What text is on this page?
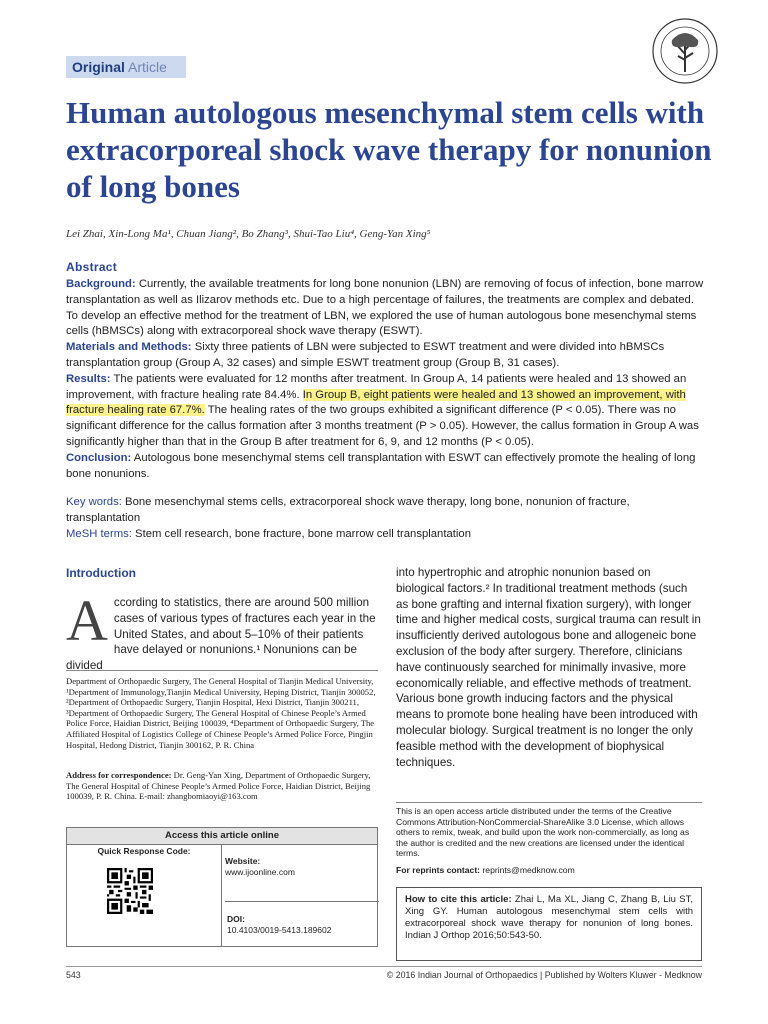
Original Article
Human autologous mesenchymal stem cells with extracorporeal shock wave therapy for nonunion of long bones
Lei Zhai, Xin-Long Ma¹, Chuan Jiang², Bo Zhang³, Shui-Tao Liu⁴, Geng-Yan Xing⁵
Abstract

Background: Currently, the available treatments for long bone nonunion (LBN) are removing of focus of infection, bone marrow transplantation as well as Ilizarov methods etc. Due to a high percentage of failures, the treatments are complex and debated. To develop an effective method for the treatment of LBN, we explored the use of human autologous bone mesenchymal stems cells (hBMSCs) along with extracorporeal shock wave therapy (ESWT).

Materials and Methods: Sixty three patients of LBN were subjected to ESWT treatment and were divided into hBMSCs transplantation group (Group A, 32 cases) and simple ESWT treatment group (Group B, 31 cases).

Results: The patients were evaluated for 12 months after treatment. In Group A, 14 patients were healed and 13 showed an improvement, with fracture healing rate 84.4%. In Group B, eight patients were healed and 13 showed an improvement, with fracture healing rate 67.7%. The healing rates of the two groups exhibited a significant difference (P < 0.05). There was no significant difference for the callus formation after 3 months treatment (P > 0.05). However, the callus formation in Group A was significantly higher than that in the Group B after treatment for 6, 9, and 12 months (P < 0.05).

Conclusion: Autologous bone mesenchymal stems cell transplantation with ESWT can effectively promote the healing of long bone nonunions.

Key words: Bone mesenchymal stems cells, extracorporeal shock wave therapy, long bone, nonunion of fracture, transplantation

MeSH terms: Stem cell research, bone fracture, bone marrow cell transplantation

Introduction
According to statistics, there are around 500 million cases of various types of fractures each year in the United States, and about 5–10% of their patients have delayed or nonunions.¹ Nonunions can be divided
into hypertrophic and atrophic nonunion based on biological factors.² In traditional treatment methods (such as bone grafting and internal fixation surgery), with longer time and higher medical costs, surgical trauma can result in insufficiently derived autologous bone and allogeneic bone exclusion of the body after surgery. Therefore, clinicians have continuously searched for minimally invasive, more economically reliable, and effective methods of treatment. Various bone growth inducing factors and the physical means to promote bone healing have been introduced with molecular biology. Surgical treatment is no longer the only feasible method with the development of biophysical techniques.
Department of Orthopaedic Surgery, The General Hospital of Tianjin Medical University, ¹Department of Immunology,Tianjin Medical University, Heping District, Tianjin 300052, ²Department of Orthopaedic Surgery, Tianjin Hospital, Hexi District, Tianjin 300211, ³Department of Orthopaedic Surgery, The General Hospital of Chinese People’s Armed Police Force, Haidian District, Beijing 100039, ⁴Department of Orthopaedic Surgery, The Affiliated Hospital of Logistics College of Chinese People’s Armed Police Force, Pingjin Hospital, Hedong District, Tianjin 300162, P. R. China
Address for correspondence: Dr. Geng-Yan Xing, Department of Orthopaedic Surgery, The General Hospital of Chinese People’s Armed Police Force, Haidian District, Beijing 100039, P. R. China. E-mail: zhangbomiaoyi@163.com
Access this article online
Quick Response Code:
Website:
www.ijoonline.com
DOI:
10.4103/0019-5413.189602

This is an open access article distributed under the terms of the Creative Commons Attribution-NonCommercial-ShareAlike 3.0 License, which allows others to remix, tweak, and build upon the work non-commercially, as long as the author is credited and the new creations are licensed under the identical terms.

For reprints contact: reprints@medknow.com

How to cite this article: Zhai L, Ma XL, Jiang C, Zhang B, Liu ST, Xing GY. Human autologous mesenchymal stem cells with extracorporeal shock wave therapy for nonunion of long bones. Indian J Orthop 2016;50:543-50.
543	© 2016 Indian Journal of Orthopaedics | Published by Wolters Kluwer - Medknow
